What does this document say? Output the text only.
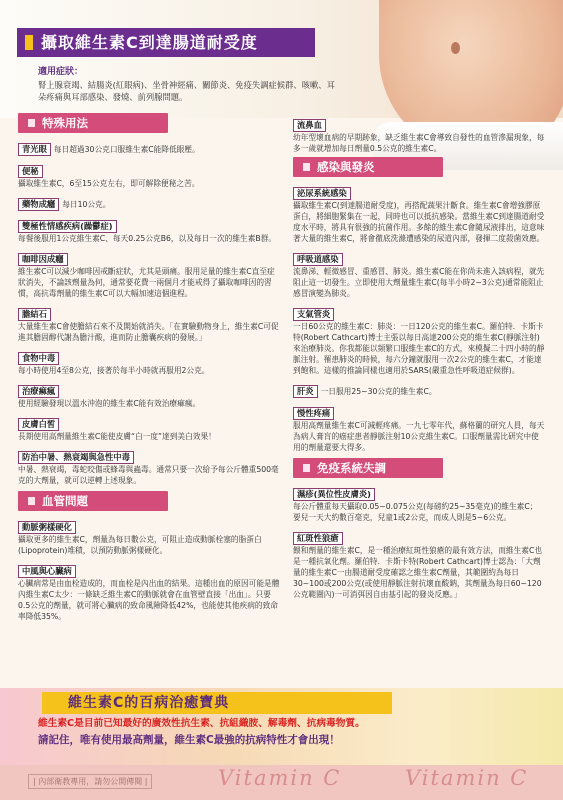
攝取維生素C到達腸道耐受度
適用症狀：
腎上腺衰竭、結腸炎(紅眼病)、坐骨神經痛、關節炎、免疫失調症候群、咳嗽、耳朵疼痛與耳部感染、發燒、前列腺問題。
特殊用法
青光眼 每日超過30公克口服維生素C能降低眼壓。
便秘
攝取維生素C，6至15公克左右，即可解除便秘之苦。
藥物成癮 每日10公克。
雙極性情感疾病(躁鬱症)
每餐後服用1公克維生素C、每天0.25公克B6，以及每日一次的維生素B群。
咖啡因成癮
維生素C可以減少咖啡因戒斷症狀，尤其是頭痛。服用足量的維生素C直至症狀消失，不論該劑量為何，通常要花費一兩個月才能戒得了攝取咖啡因的習慣，高抗毒劑量的維生素C可以大幅加速這個進程。
膽結石
大量維生素C會使膽結石來不及開始就消失。「在實驗動物身上，維生素C可促進其膽固醇代謝為膽汁酸，進而防止膽囊疾病的發展。」
食物中毒
每小時使用4至8公克，接著於每半小時就再服用2公克。
治療痲瘋
使用經驗發現以溫水沖泡的維生素C能有效治療痲瘋。
皮膚白皙
長期使用高劑量維生素C能使皮膚“白一度”達到美白效果！
防治中暑、熱衰竭與急性中毒
中暑、熱衰竭，毒蛇咬傷或蜂毒與蟲毒。通常只要一次給予每公斤體重500毫克的大劑量，就可以逆轉上述現象。
血管問題
動脈粥樣硬化
攝取更多的維生素C，劑量為每日數公克，可阻止造成動脈栓塞的脂蛋白(Lipoprotein)堆積，以預防動脈粥樣硬化。
中風與心臟病
心臟病常是由血栓造成的，而血栓是內出血的結果。這種出血的原因可能是體內維生素C太少：一條缺乏維生素C的動脈就會在血管壁直接「出血」。只要0.5公克的劑量，就可將心臟病的致命風險降低42%，也能使其他疾病的致命率降低35%。
流鼻血
幼年型壞血病的早期跡象，缺乏維生素C會導致自發性的血管滲漏現象，每多一歲就增加每日劑量0.5公克的維生素C。
感染與發炎
泌尿系統感染
攝取維生素C(到達腸道耐受度)，再搭配蔬果汁斷食。維生素C會增強膠原蛋白，將細胞緊集在一起，同時也可以抵抗感染。當維生素C到達腸道耐受度水平時，將具有很強的抗菌作用。多餘的維生素C會隨尿液排出，這意味著大量的維生素C，將會徹底洗滌遭感染的尿道內部，發揮二度殺菌效應。
呼吸道感染
流鼻涕、輕微感冒、重感冒、肺炎。維生素C能在你尚未進入該病程，就先阻止這一切發生。立即使用大劑量維生素C(每半小時2~3公克)通常能阻止感冒演變為肺炎。
支氣管炎
一日60公克的維生素C：肺炎：一日120公克的維生素C。羅伯特．卡斯卡特(Robert Cathcart)博士主張以每日高達200公克的維生素C(靜脈注射)來治療肺炎。你我都能以頻繁口服維生素C的方式，來模擬二十四小時的靜脈注射。罹患肺炎的時候，每六分鐘就服用一次2公克的維生素C，才能達到飽和。這樣的推論同樣也適用於SARS(嚴重急性呼吸道症候群)。
肝炎 一日服用25~30公克的維生素C。
慢性疼痛
服用高劑量維生素C可減輕疼痛。一九七零年代，蘇格蘭的研究人員，每天為病人膏肓的癌症患者靜脈注射10公克維生素C。口服劑量需比研究中使用的劑量還要大得多。
免疫系統失調
濕疹(異位性皮膚炎)
每公斤體重每天攝取0.05~0.075公克(每磅約25~35毫克)的維生素C；要兒一天大約數百毫克，兒童1或2公克，而成人則是5~6公克。
紅斑性狼瘡
餵和劑量的維生素C，是一種治療紅斑性狼瘡的最有效方法，而維生素C也是一種抗氧化劑。羅伯特．卡斯卡特(Robert Cathcart)博士認為：「大劑量的維生素C一由腸道耐受度確認之維生素C劑量，其範圍約為每日30~100或200公克(或使用靜脈注射抗壞血酸鈉，其劑量為每日60~120公克範圍內)一可消弭因自由基引起的發炎反應。」
維生素C的百病治癒寶典
維生素C是目前已知最好的廣效性抗生素、抗組織胺、解毒劑、抗病毒物質。
請記住，唯有使用最高劑量，維生素C最強的抗病特性才會出現！
| 內部衛教專用，請勿公開傳閱 |	Vitamin C	Vitamin C
